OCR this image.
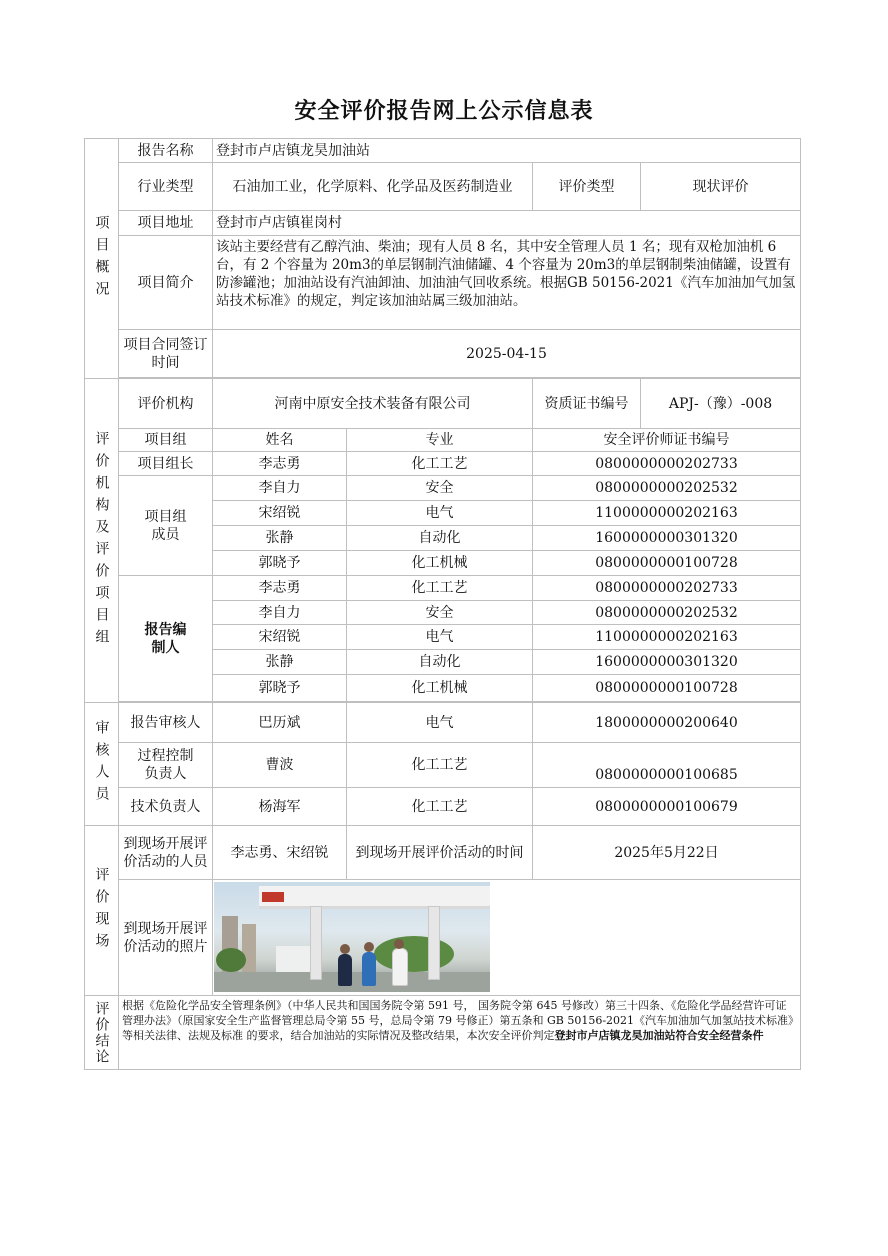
安全评价报告网上公示信息表
项目概况	报告名称	登封市卢店镇龙昊加油站			
	行业类型	石油加工业，化学原料、化学品及医药制造业		评价类型	现状评价
	项目地址	登封市卢店镇崔岗村			
	项目简介	该站主要经营有乙醇汽油、柴油；现有人员 8 名，其中安全管理人员 1 名；现有双枪加油机 6台，有 2 个容量为 20m3的单层钢制汽油储罐、4 个容量为 20m3的单层钢制柴油储罐，设置有防渗罐池；加油站设有汽油卸油、加油油气回收系统。根据GB 50156-2021《汽车加油加气加氢站技术标准》的规定，判定该加油站属三级加油站。			
	项目合同签订时间	2025-04-15			

评价机构及评价项目组	评价机构	河南中原安全技术装备有限公司		资质证书编号	APJ-（豫）-008
	项目组	姓名	专业	安全评价师证书编号	
	项目组长	李志勇	化工工艺	0800000000202733	
	项目组成员	李自力	安全	0800000000202532	
		宋绍锐	电气	1100000000202163	
		张静	自动化	1600000000301320	
		郭晓予	化工机械	0800000000100728	
	报告编制人	李志勇	化工工艺	0800000000202733	
		李自力	安全	0800000000202532	
		宋绍锐	电气	1100000000202163	
		张静	自动化	1600000000301320	
		郭晓予	化工机械	0800000000100728	

审核人员	报告审核人	巴历斌	电气	1800000000200640	
	过程控制负责人	曹波	化工工艺	0800000000100685	
	技术负责人	杨海军	化工工艺	0800000000100679	

评价现场	到现场开展评价活动的人员	李志勇、宋绍锐	到现场开展评价活动的时间	2025年5月22日	
	到现场开展评价活动的照片				

评价结论	根据《危险化学品安全管理条例》（中华人民共和国国务院令第 591 号， 国务院令第 645 号修改）第三十四条、《危险化学品经营许可证管理办法》（原国家安全生产监督管理总局令第 55 号，总局令第 79 号修正）第五条和 GB 50156-2021《汽车加油加气加氢站技术标准》等相关法律、法规及标准 的要求，结合加油站的实际情况及整改结果，本次安全评价判定登封市卢店镇龙昊加油站符合安全经营条件				
